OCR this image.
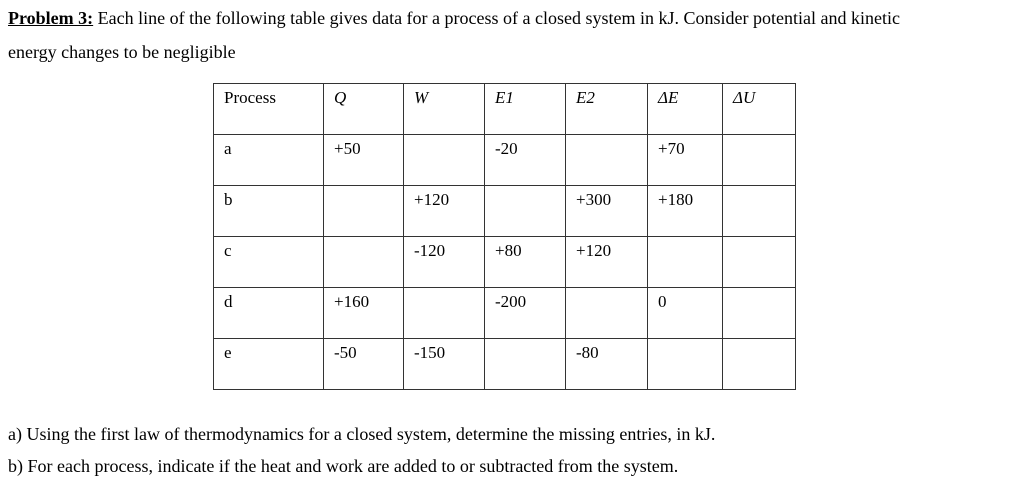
Problem 3: Each line of the following table gives data for a process of a closed system in kJ. Consider potential and kinetic
energy changes to be negligible
Process	Q	W	E1	E2	ΔE	ΔU
a	+50		-20		+70	
b		+120		+300	+180	
c		-120	+80	+120		
d	+160		-200		0	
e	-50	-150		-80		
a) Using the first law of thermodynamics for a closed system, determine the missing entries, in kJ.
b) For each process, indicate if the heat and work are added to or subtracted from the system.
